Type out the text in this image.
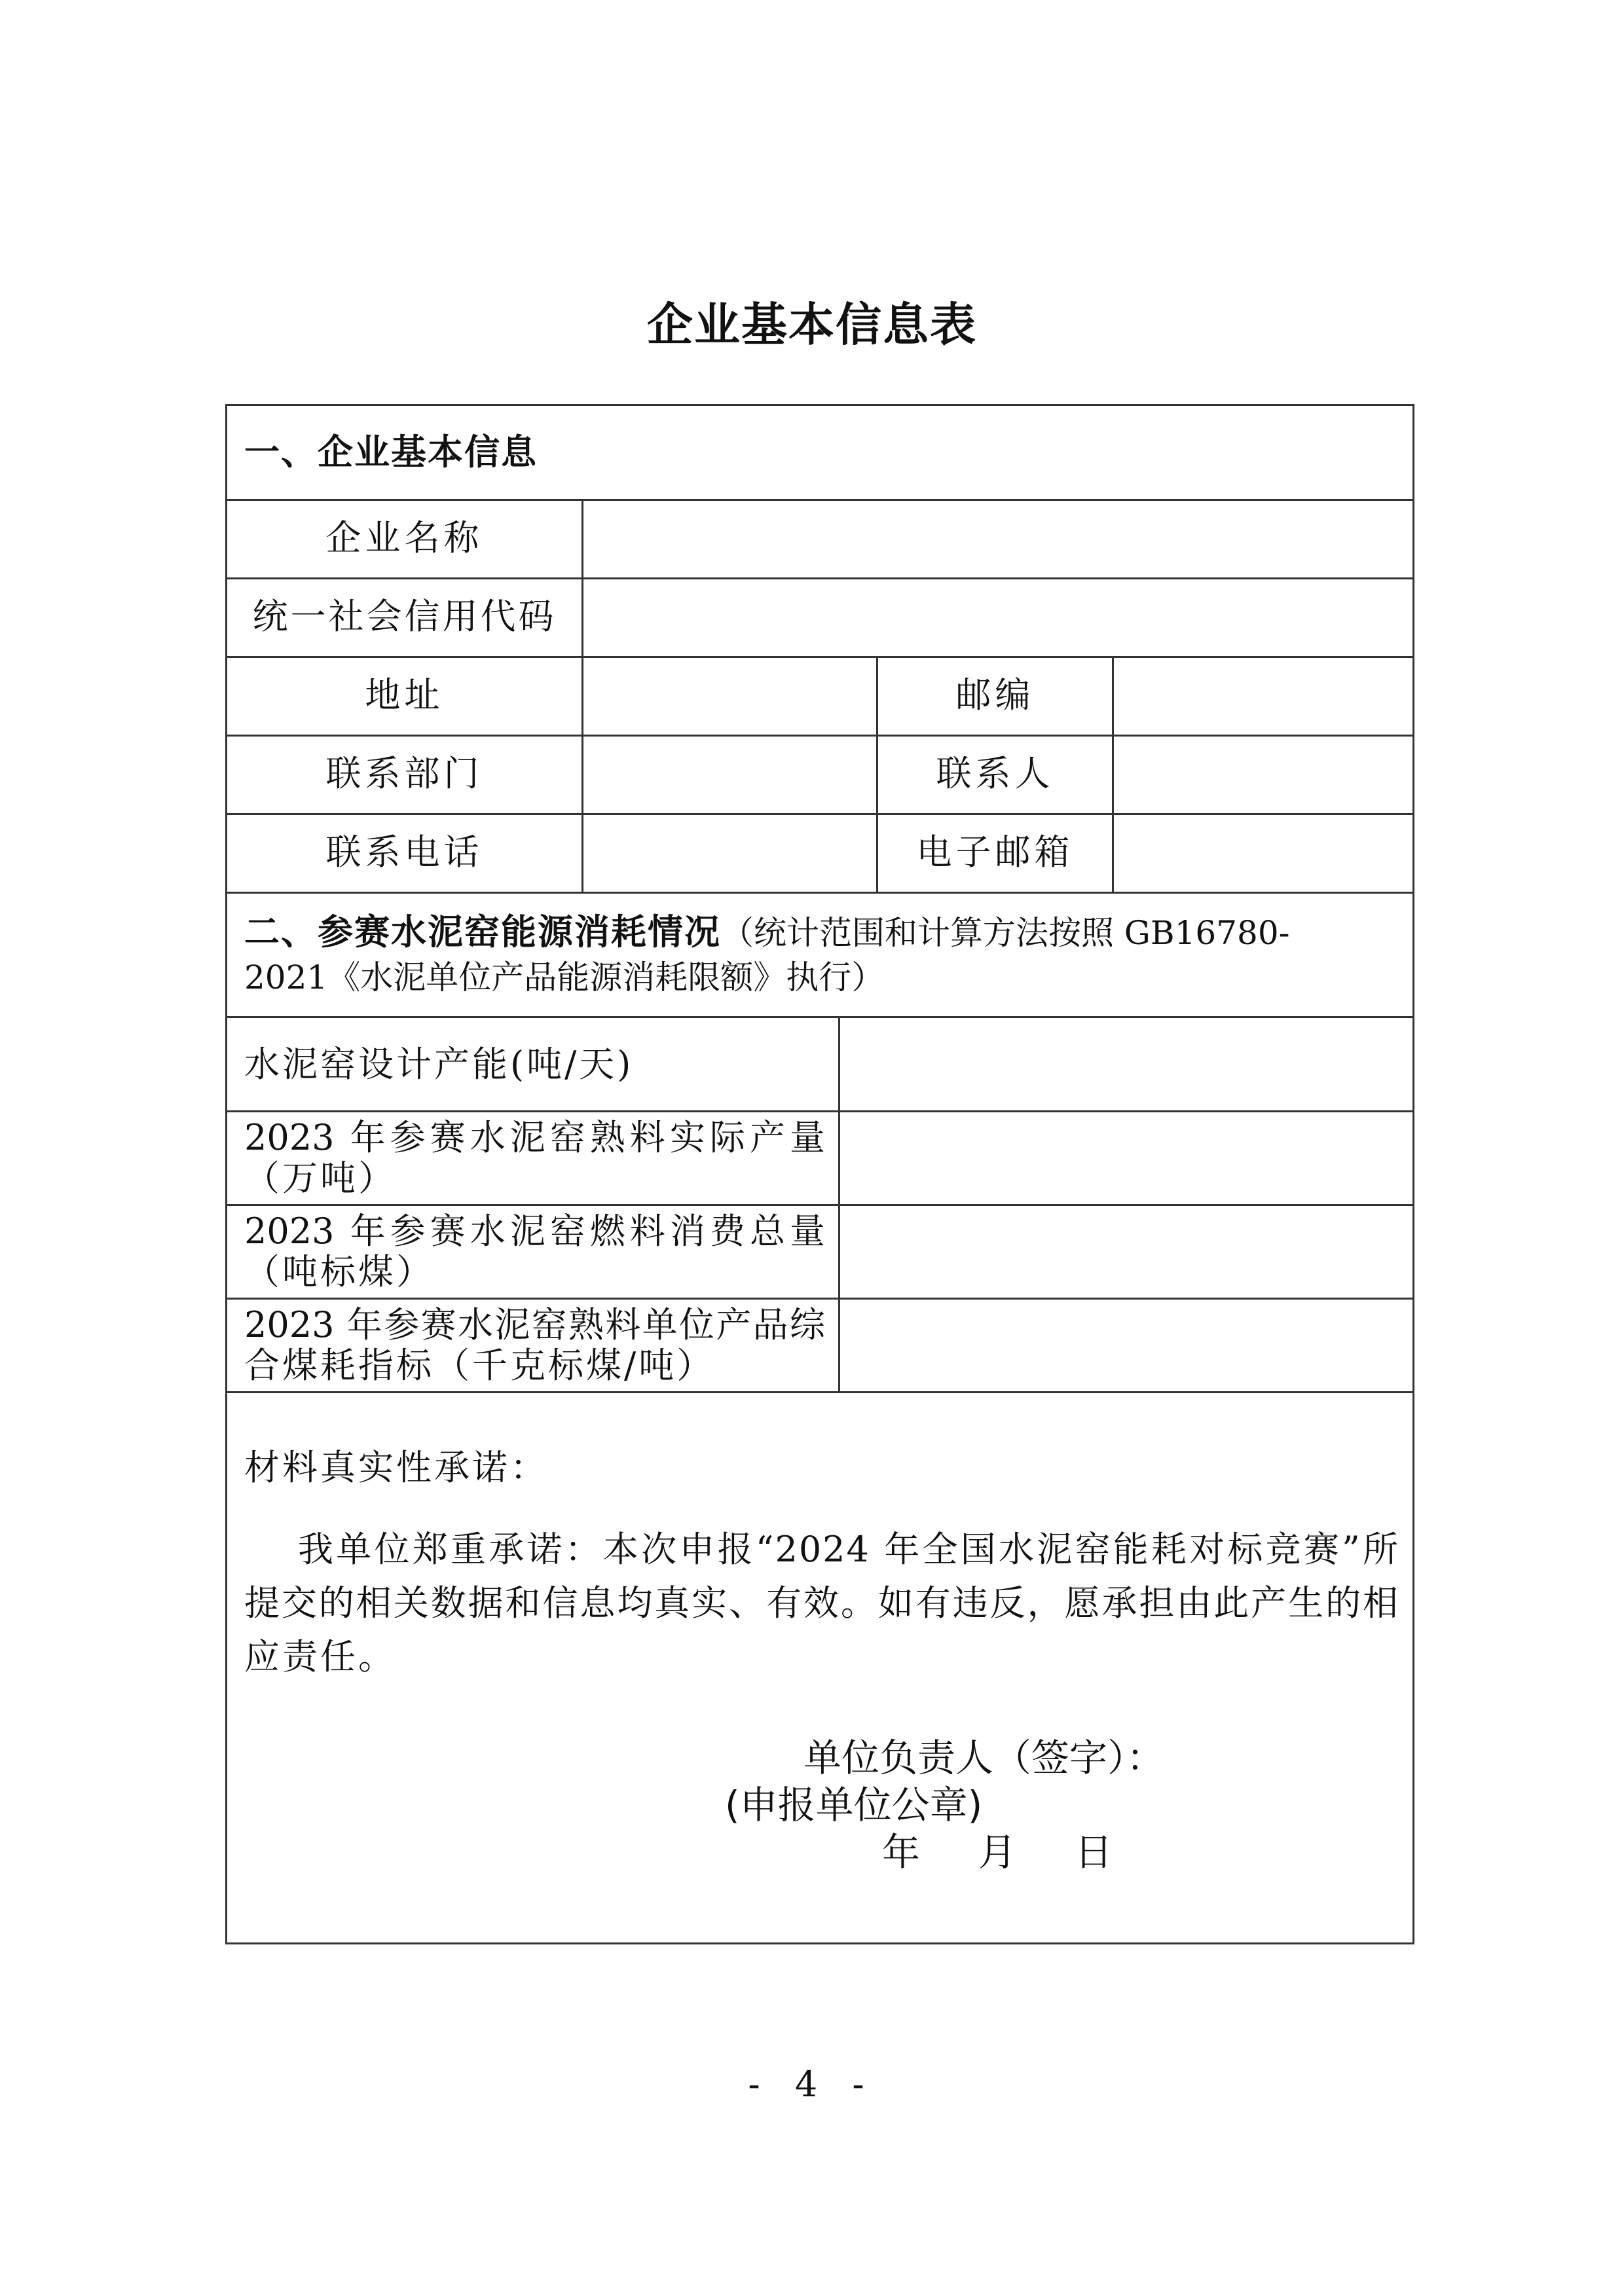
企业基本信息表
一、企业基本信息
企业名称
统一社会信用代码
地址	邮编
联系部门	联系人
联系电话	电子邮箱
二、参赛水泥窑能源消耗情况（统计范围和计算方法按照 GB16780-
2021《水泥单位产品能源消耗限额》执行）
水泥窑设计产能(吨/天)
2023 年参赛水泥窑熟料实际产量
（万吨）
2023 年参赛水泥窑燃料消费总量
（吨标煤）
2023 年参赛水泥窑熟料单位产品综
合煤耗指标（千克标煤/吨）
材料真实性承诺：
我单位郑重承诺：本次申报“2024 年全国水泥窑能耗对标竞赛”所
提交的相关数据和信息均真实、有效。如有违反，愿承担由此产生的相
应责任。
单位负责人（签字）：
(申报单位公章)
年 月 日
- 4 -
